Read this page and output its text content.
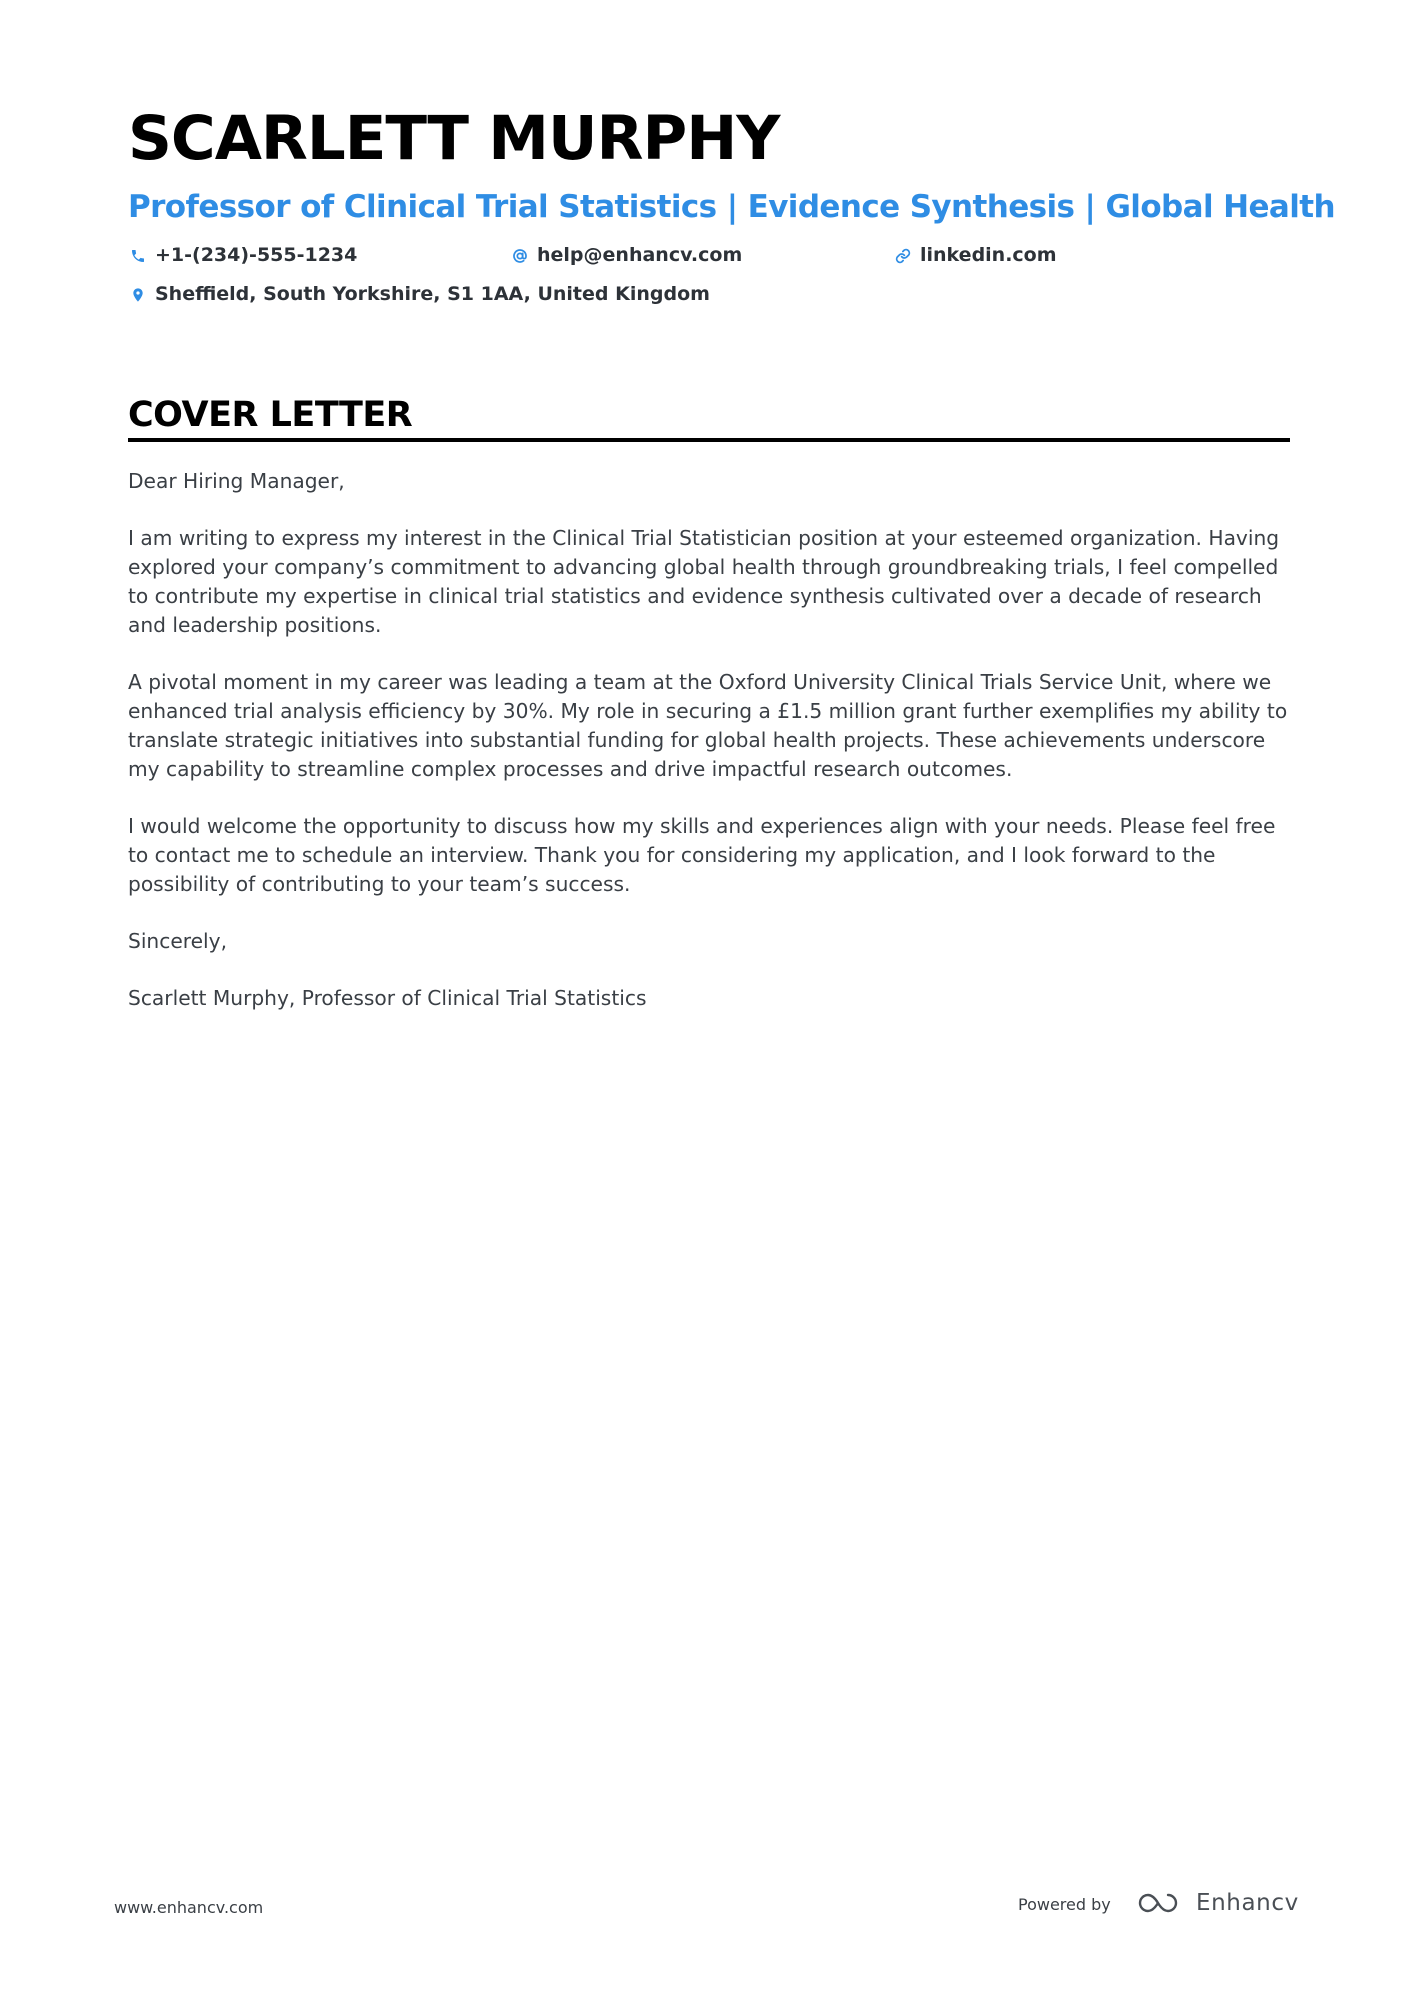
SCARLETT MURPHY
Professor of Clinical Trial Statistics | Evidence Synthesis | Global Health
+1-(234)-555-1234	help@enhancv.com	linkedin.com
Sheffield, South Yorkshire, S1 1AA, United Kingdom
COVER LETTER

Dear Hiring Manager,

I am writing to express my interest in the Clinical Trial Statistician position at your esteemed organization. Having explored your company’s commitment to advancing global health through groundbreaking trials, I feel compelled to contribute my expertise in clinical trial statistics and evidence synthesis cultivated over a decade of research and leadership positions.

A pivotal moment in my career was leading a team at the Oxford University Clinical Trials Service Unit, where we enhanced trial analysis efficiency by 30%. My role in securing a £1.5 million grant further exemplifies my ability to translate strategic initiatives into substantial funding for global health projects. These achievements underscore my capability to streamline complex processes and drive impactful research outcomes.

I would welcome the opportunity to discuss how my skills and experiences align with your needs. Please feel free to contact me to schedule an interview. Thank you for considering my application, and I look forward to the possibility of contributing to your team’s success.

Sincerely,

Scarlett Murphy, Professor of Clinical Trial Statistics

www.enhancv.com	Powered by	Enhancv
